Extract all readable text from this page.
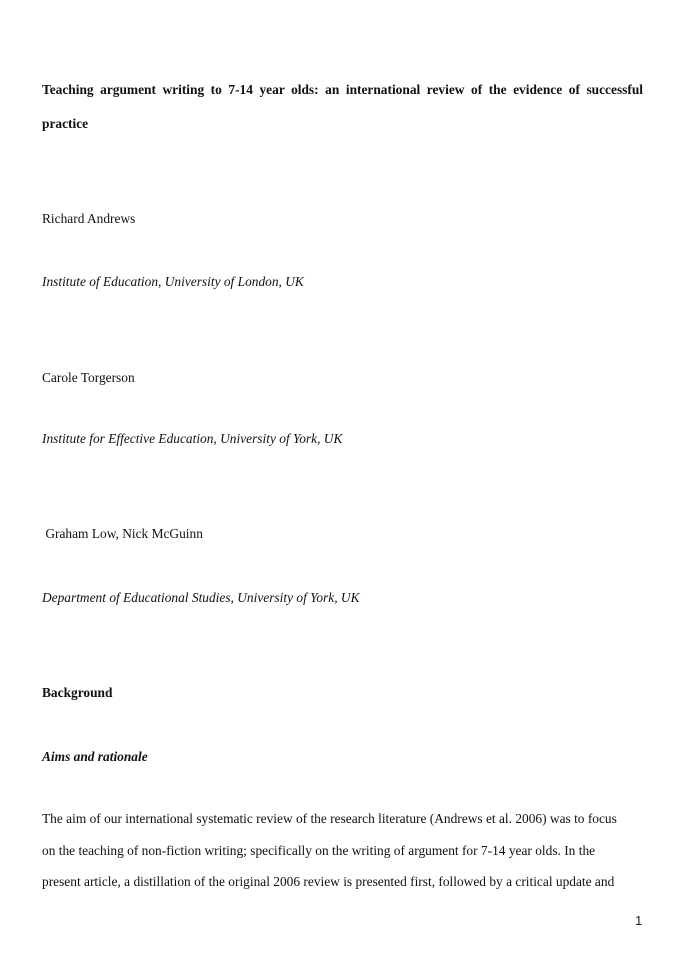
Teaching argument writing to 7-14 year olds: an international review of the evidence of successful
practice
Richard Andrews
Institute of Education, University of London, UK
Carole Torgerson
Institute for Effective Education, University of York, UK
Graham Low, Nick McGuinn
Department of Educational Studies, University of York, UK
Background
Aims and rationale
The aim of our international systematic review of the research literature (Andrews et al. 2006) was to focus
on the teaching of non-fiction writing; specifically on the writing of argument for 7-14 year olds. In the
present article, a distillation of the original 2006 review is presented first, followed by a critical update and
1
